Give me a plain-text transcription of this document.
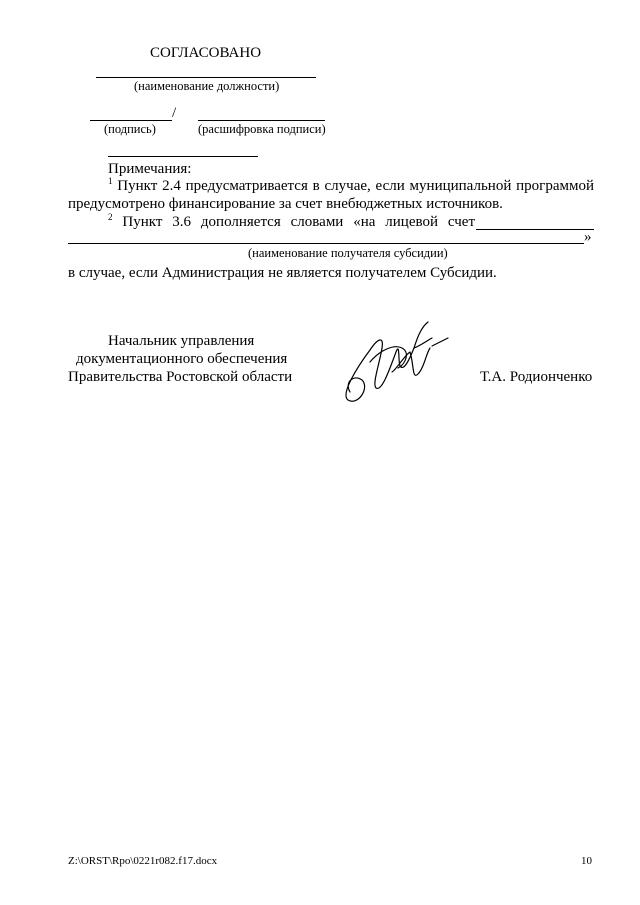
СОГЛАСОВАНО
(наименование должности)
/
(подпись)	(расшифровка подписи)
Примечания:
$^1$ Пункт 2.4 предусматривается в случае, если муниципальной программой
предусмотрено финансирование за счет внебюджетных источников.
$^2$ Пункт 3.6 дополняется словами «на лицевой счет
»
(наименование получателя субсидии)
в случае, если Администрация не является получателем Субсидии.
Начальник управления
документационного обеспечения
Правительства Ростовской области	Т.А. Родионченко
Z:\ORST\Rpo\0221r082.f17.docx	10
